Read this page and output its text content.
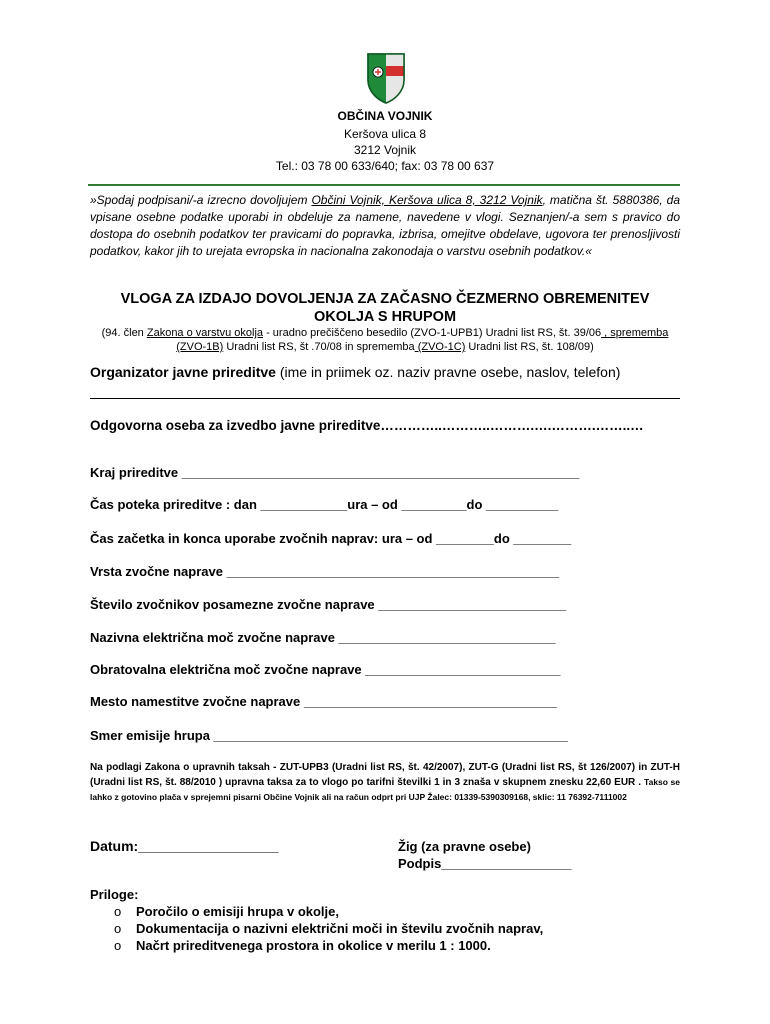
OBČINA VOJNIK
Keršova ulica 8
3212 Vojnik
Tel.: 03 78 00 633/640; fax: 03 78 00 637
»Spodaj podpisani/-a izrecno dovoljujem Občini Vojnik, Keršova ulica 8, 3212 Vojnik, matična št. 5880386, da vpisane osebne podatke uporabi in obdeluje za namene, navedene v vlogi. Seznanjen/-a sem s pravico do dostopa do osebnih podatkov ter pravicami do popravka, izbrisa, omejitve obdelave, ugovora ter prenosljivosti podatkov, kakor jih to urejata evropska in nacionalna zakonodaja o varstvu osebnih podatkov.«
VLOGA ZA IZDAJO DOVOLJENJA ZA ZAČASNO ČEZMERNO OBREMENITEV
OKOLJA S HRUPOM
(94. člen Zakona o varstvu okolja - uradno prečiščeno besedilo (ZVO-1-UPB1) Uradni list RS, št. 39/06 , sprememba
(ZVO-1B) Uradni list RS, št .70/08 in sprememba (ZVO-1C) Uradni list RS, št. 108/09)
Organizator javne prireditve (ime in priimek oz. naziv pravne osebe, naslov, telefon)
Odgovorna oseba za izvedbo javne prireditve…………..………..……….….……….……..…
Kraj prireditve _______________________________________________________
Čas poteka prireditve : dan ____________ura – od _________do __________
Čas začetka in konca uporabe zvočnih naprav: ura – od ________do ________
Vrsta zvočne naprave ______________________________________________
Število zvočnikov posamezne zvočne naprave __________________________
Nazivna električna moč zvočne naprave ______________________________
Obratovalna električna moč zvočne naprave ___________________________
Mesto namestitve zvočne naprave ___________________________________
Smer emisije hrupa _________________________________________________
Na podlagi Zakona o upravnih taksah - ZUT-UPB3 (Uradni list RS, št. 42/2007), ZUT-G (Uradni list RS, št 126/2007) in ZUT-H (Uradni list RS, št. 88/2010 ) upravna taksa za to vlogo po tarifni številki 1 in 3 znaša v skupnem znesku 22,60 EUR . Takso se lahko z gotovino plača v sprejemni pisarni Občine Vojnik ali na račun odprt pri UJP Žalec: 01339-5390309168, sklic: 11 76392-7111002
Datum:__________________	Žig (za pravne osebe)
Podpis__________________
Priloge:
o Poročilo o emisiji hrupa v okolje,
o Dokumentacija o nazivni električni moči in številu zvočnih naprav,
o Načrt prireditvenega prostora in okolice v merilu 1 : 1000.
